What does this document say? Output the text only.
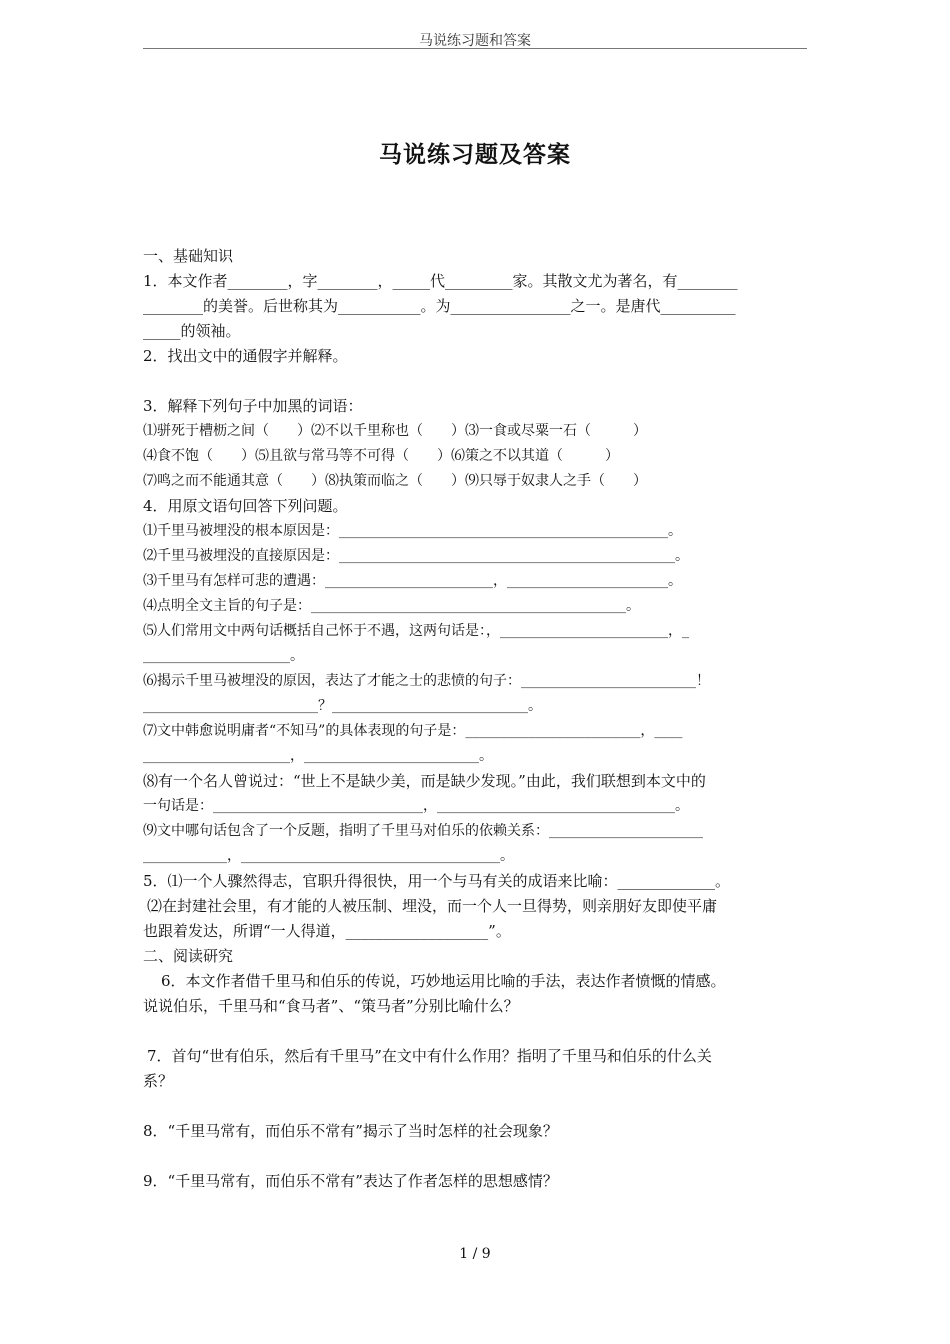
马说练习题和答案
马说练习题及答案
一、基础知识
1．本文作者________，字________，_____代_________家。其散文尤为著名，有________
________的美誉。后世称其为___________。为________________之一。是唐代__________
_____的领袖。
2．找出文中的通假字并解释。
3．解释下列句子中加黑的词语：
⑴骈死于槽枥之间（　　）⑵不以千里称也（　　）⑶一食或尽粟一石（　　　）
⑷食不饱（　　）⑸且欲与常马等不可得（　　）⑹策之不以其道（　　　）
⑺鸣之而不能通其意（　　）⑻执策而临之（　　）⑼只辱于奴隶人之手（　　）
4．用原文语句回答下列问题。
⑴千里马被埋没的根本原因是：_______________________________________________。
⑵千里马被埋没的直接原因是：________________________________________________。
⑶千里马有怎样可悲的遭遇：________________________，_______________________。
⑷点明全文主旨的句子是：_____________________________________________。
⑸人们常用文中两句话概括自己怀于不遇，这两句话是：，________________________，_
_____________________。
⑹揭示千里马被埋没的原因，表达了才能之士的悲愤的句子：_________________________！
_________________________？____________________________。
⑺文中韩愈说明庸者“不知马”的具体表现的句子是：_________________________，____
_____________________，_________________________。
⑻有一个名人曾说过：“世上不是缺少美，而是缺少发现。”由此，我们联想到本文中的
一句话是：______________________________，__________________________________。
⑼文中哪句话包含了一个反题，指明了千里马对伯乐的依赖关系：______________________
____________，_____________________________________。
5．⑴一个人骤然得志，官职升得很快，用一个与马有关的成语来比喻：_____________。
⑵在封建社会里，有才能的人被压制、埋没，而一个人一旦得势，则亲朋好友即使平庸
也跟着发达，所谓“一人得道，___________________”。
二、阅读研究
6．本文作者借千里马和伯乐的传说，巧妙地运用比喻的手法，表达作者愤慨的情感。
说说伯乐，千里马和“食马者”、“策马者”分别比喻什么？
7．首句“世有伯乐，然后有千里马”在文中有什么作用？指明了千里马和伯乐的什么关
系？
8．“千里马常有，而伯乐不常有”揭示了当时怎样的社会现象？
9．“千里马常有，而伯乐不常有”表达了作者怎样的思想感情？
1 / 9
